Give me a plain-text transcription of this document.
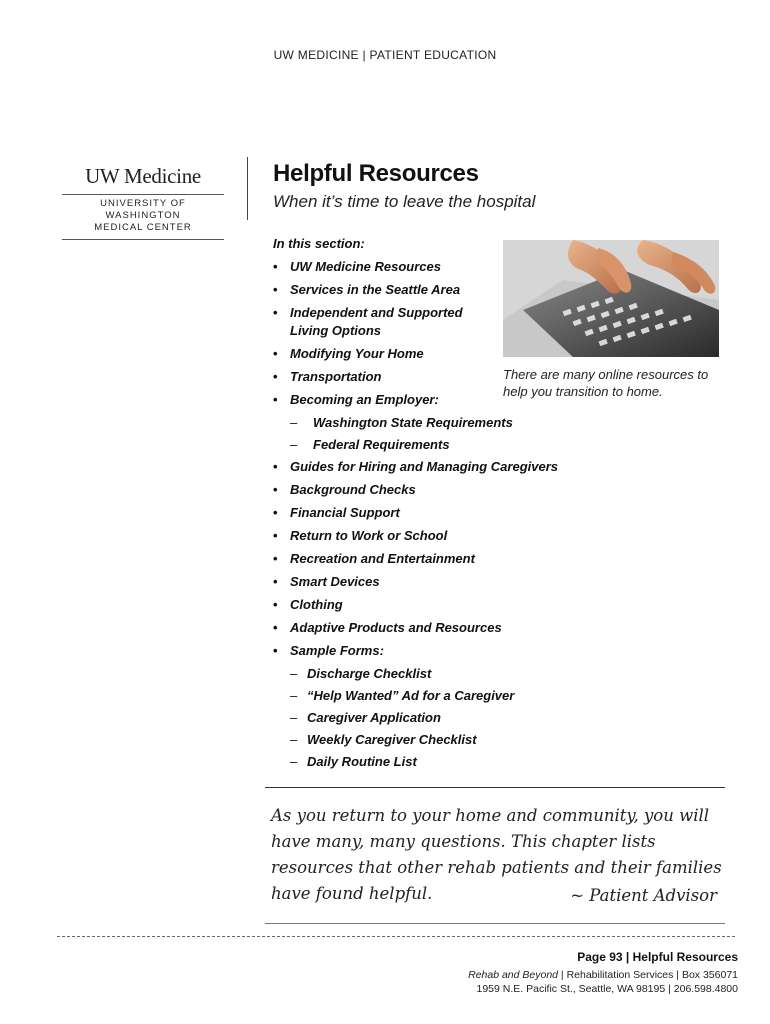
UW MEDICINE | PATIENT EDUCATION
UW Medicine
UNIVERSITY OF WASHINGTON
MEDICAL CENTER
Helpful Resources
When it’s time to leave the hospital
In this section:
• UW Medicine Resources
• Services in the Seattle Area
• Independent and Supported Living Options
• Modifying Your Home
• Transportation
• Becoming an Employer:
– Washington State Requirements
– Federal Requirements
• Guides for Hiring and Managing Caregivers
• Background Checks
• Financial Support
• Return to Work or School
• Recreation and Entertainment
• Smart Devices
• Clothing
• Adaptive Products and Resources
• Sample Forms:
– Discharge Checklist
– “Help Wanted” Ad for a Caregiver
– Caregiver Application
– Weekly Caregiver Checklist
– Daily Routine List
There are many online resources to help you transition to home.
As you return to your home and community, you will have many, many questions. This chapter lists resources that other rehab patients and their families have found helpful.	~ Patient Advisor
Page 93 | Helpful Resources
Rehab and Beyond | Rehabilitation Services | Box 356071
1959 N.E. Pacific St., Seattle, WA 98195 | 206.598.4800
